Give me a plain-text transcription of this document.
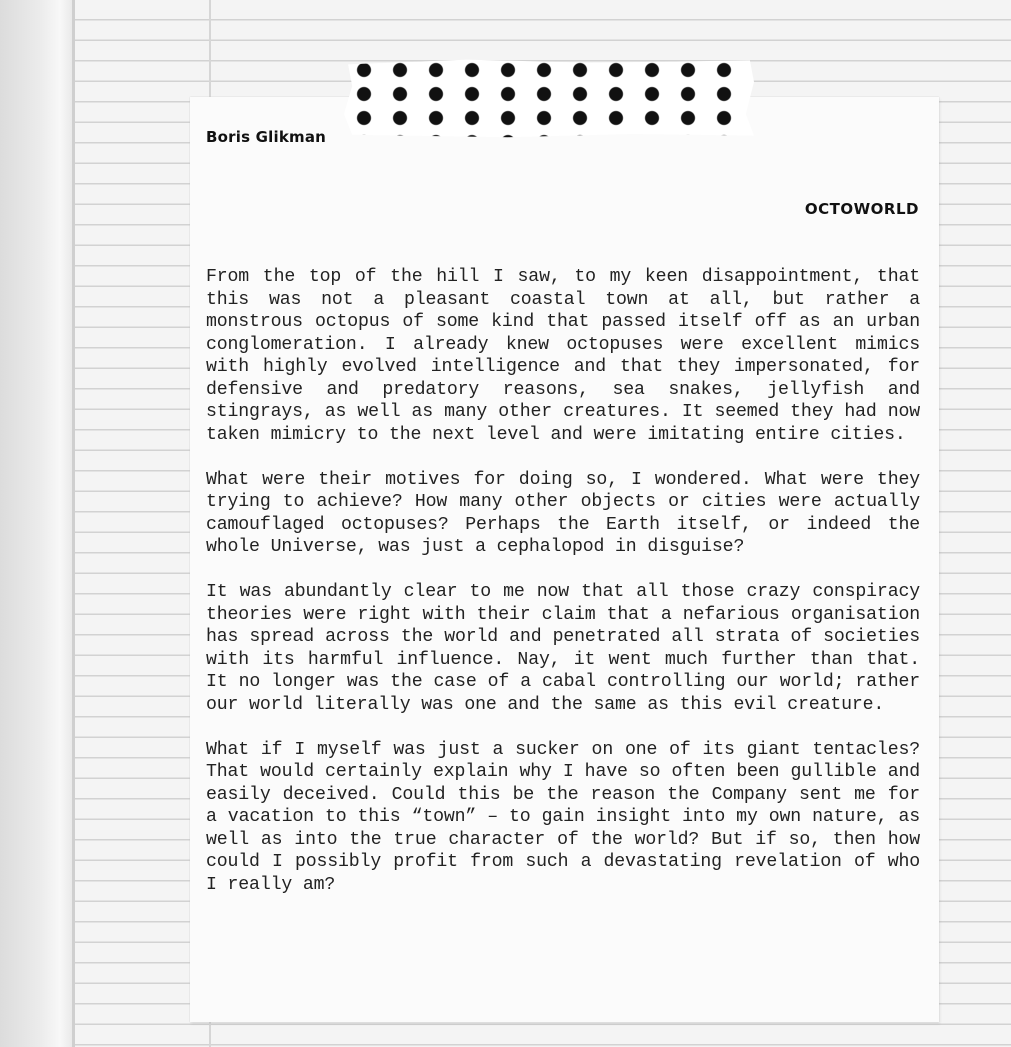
Boris Glikman
OCTOWORLD

From the top of the hill I saw, to my keen disappointment, that this was not a pleasant coastal town at all, but rather a monstrous octopus of some kind that passed itself off as an urban conglomeration. I already knew octopuses were excellent mimics with highly evolved intelligence and that they impersonated, for defensive and predatory reasons, sea snakes, jellyfish and stingrays, as well as many other creatures. It seemed they had now taken mimicry to the next level and were imitating entire cities.

What were their motives for doing so, I wondered. What were they trying to achieve? How many other objects or cities were actually camouflaged octopuses? Perhaps the Earth itself, or indeed the whole Universe, was just a cephalopod in disguise?

It was abundantly clear to me now that all those crazy conspiracy theories were right with their claim that a nefarious organisation has spread across the world and penetrated all strata of societies with its harmful influence. Nay, it went much further than that. It no longer was the case of a cabal controlling our world; rather our world literally was one and the same as this evil creature.

What if I myself was just a sucker on one of its giant tentacles? That would certainly explain why I have so often been gullible and easily deceived. Could this be the reason the Company sent me for a vacation to this “town” – to gain insight into my own nature, as well as into the true character of the world? But if so, then how could I possibly profit from such a devastating revelation of who I really am?
